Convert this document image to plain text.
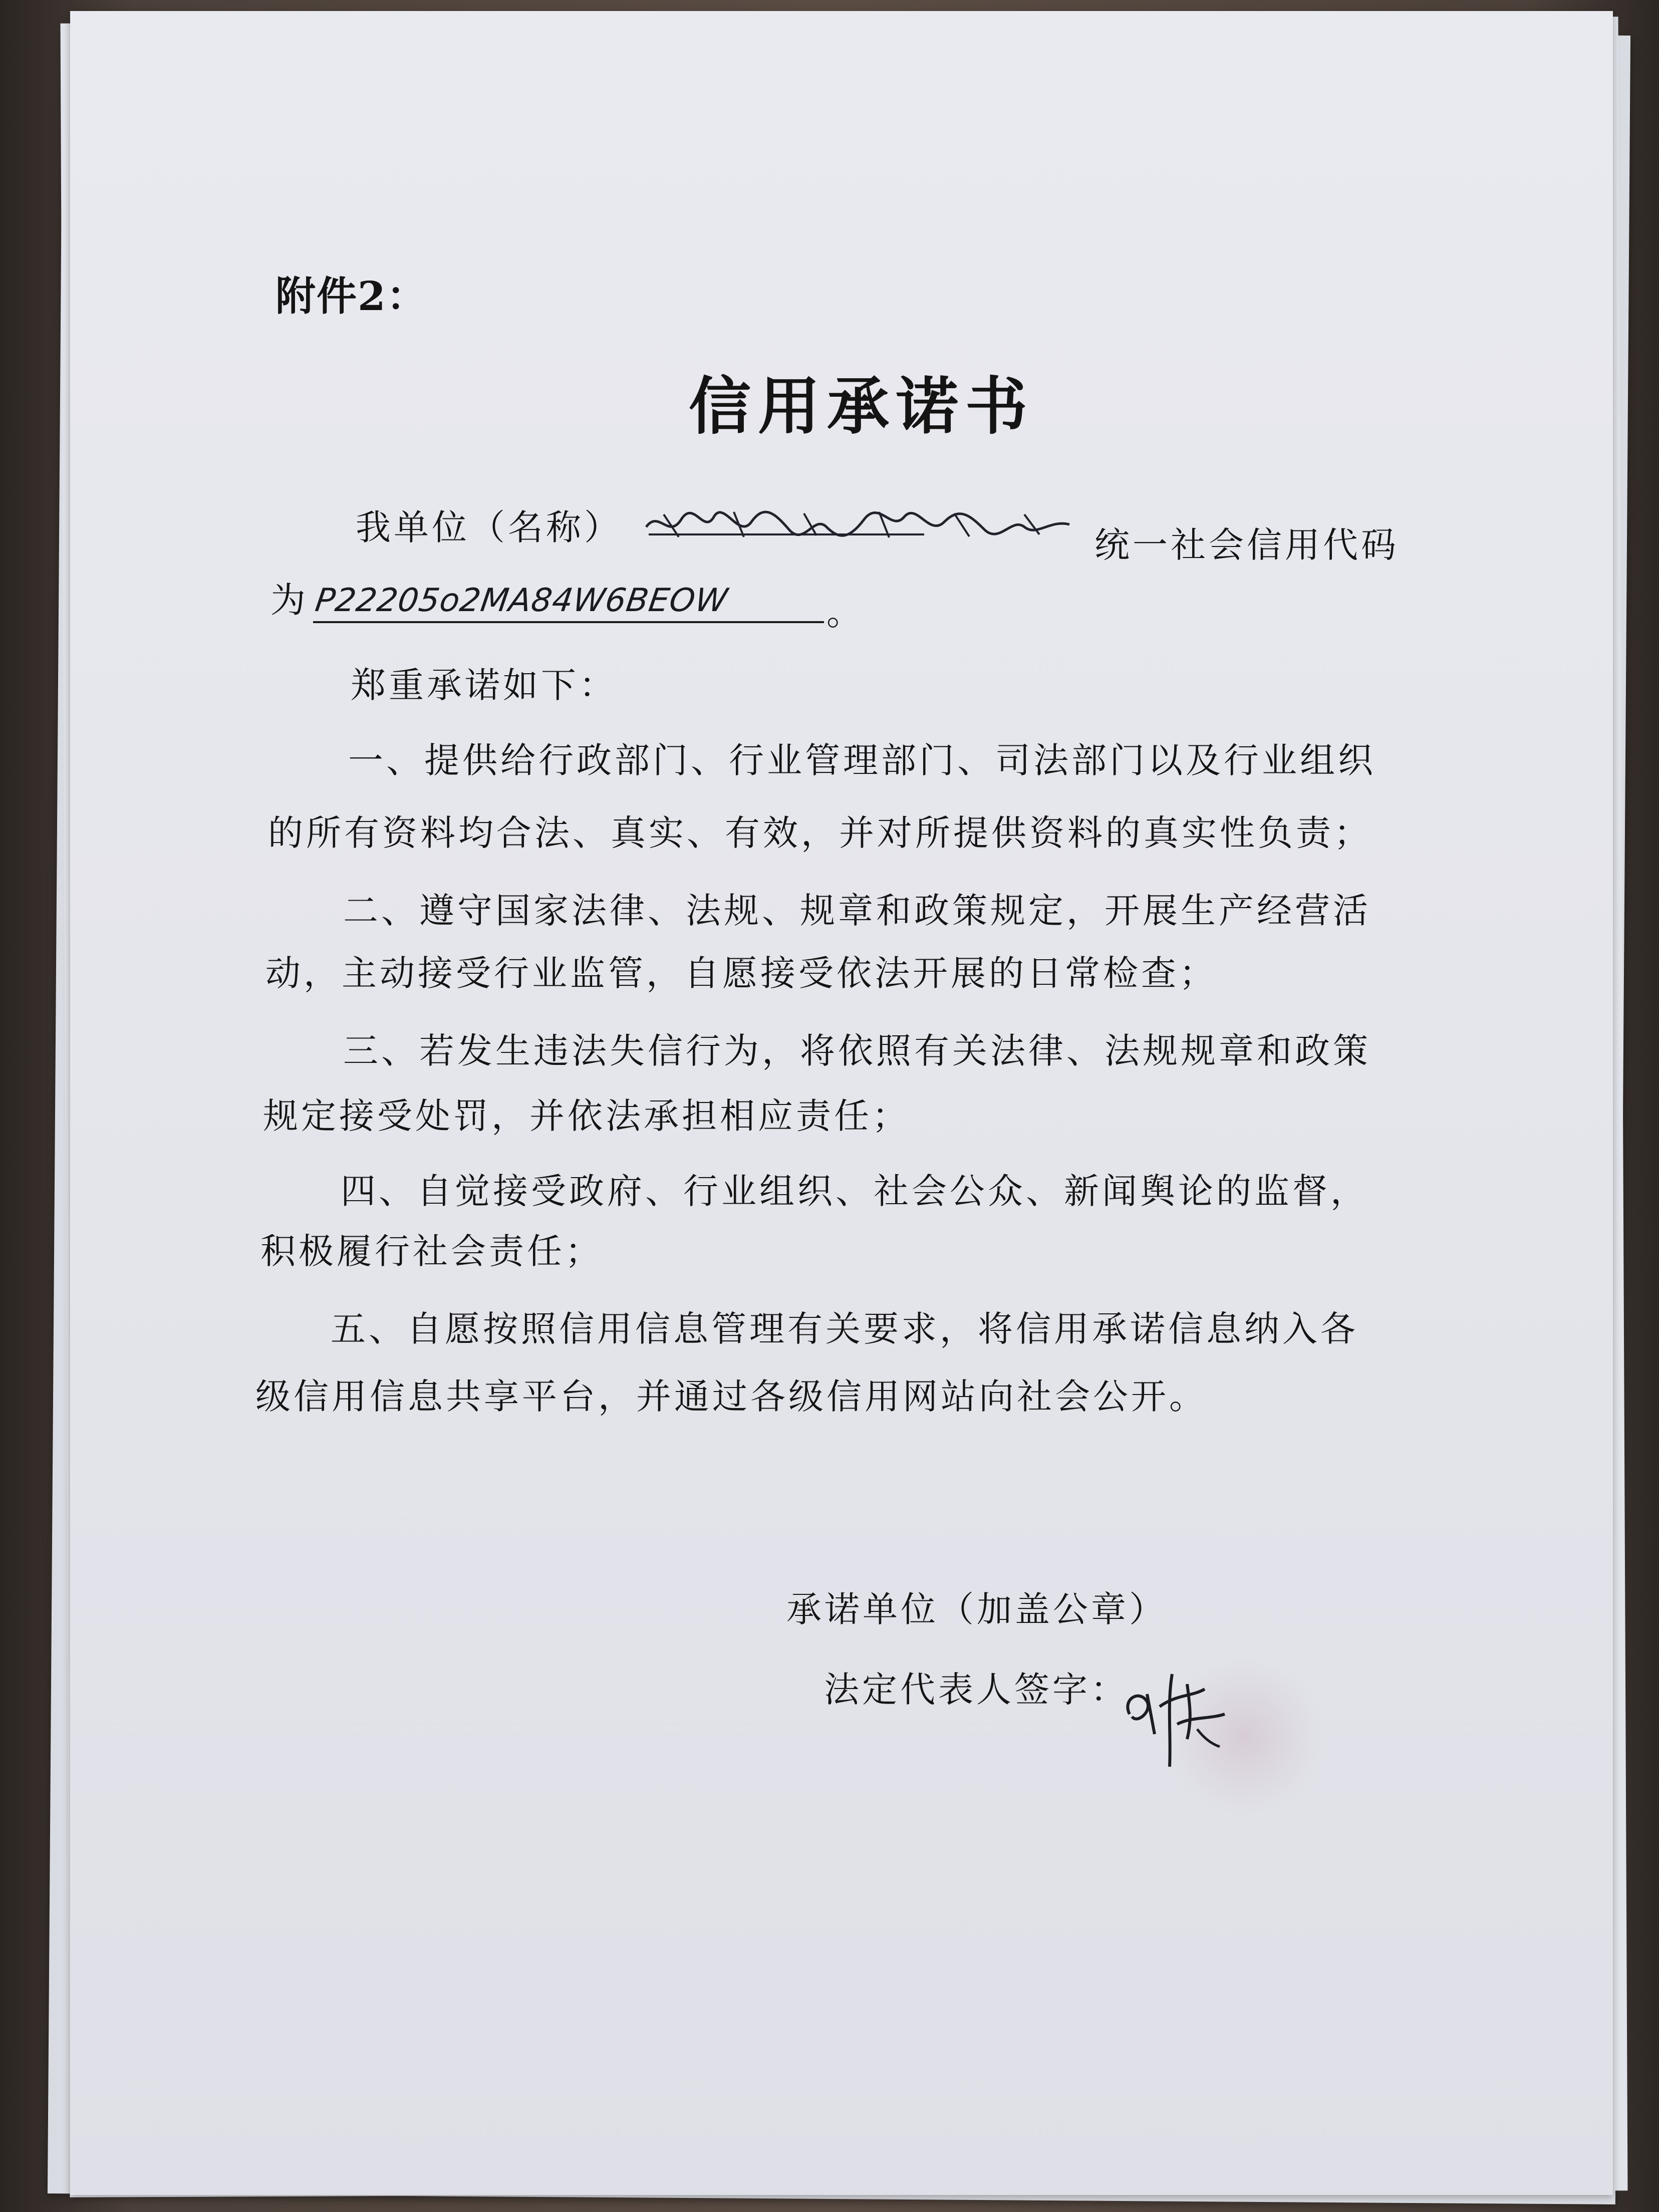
附件2：
信用承诺书
我单位（名称）	统一社会信用代码
为 P22205o2MA84W6BEOW	。
郑重承诺如下：
一、提供给行政部门、行业管理部门、司法部门以及行业组织
的所有资料均合法、真实、有效，并对所提供资料的真实性负责；
二、遵守国家法律、法规、规章和政策规定，开展生产经营活
动，主动接受行业监管，自愿接受依法开展的日常检查；
三、若发生违法失信行为，将依照有关法律、法规规章和政策
规定接受处罚，并依法承担相应责任；
四、自觉接受政府、行业组织、社会公众、新闻舆论的监督，
积极履行社会责任；
五、自愿按照信用信息管理有关要求，将信用承诺信息纳入各
级信用信息共享平台，并通过各级信用网站向社会公开。
承诺单位（加盖公章）
法定代表人签字：
